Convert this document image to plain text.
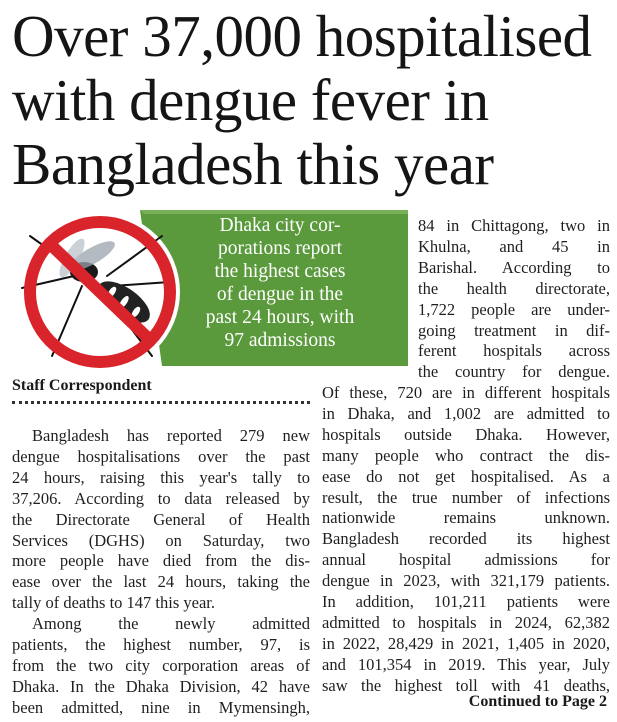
Over 37,000 hospitalised
with dengue fever in
Bangladesh this year
Dhaka city cor-
porations report
the highest cases
of dengue in the
past 24 hours, with
97 admissions
Staff Correspondent
Bangladesh has reported 279 new
dengue hospitalisations over the past
24 hours, raising this year's tally to
37,206. According to data released by
the Directorate General of Health
Services (DGHS) on Saturday, two
more people have died from the dis-
ease over the last 24 hours, taking the
tally of deaths to 147 this year.
Among the newly admitted
patients, the highest number, 97, is
from the two city corporation areas of
Dhaka. In the Dhaka Division, 42 have
been admitted, nine in Mymensingh,
84 in Chittagong, two in
Khulna, and 45 in
Barishal. According to
the health directorate,
1,722 people are under-
going treatment in dif-
ferent hospitals across
the country for dengue.
Of these, 720 are in different hospitals
in Dhaka, and 1,002 are admitted to
hospitals outside Dhaka. However,
many people who contract the dis-
ease do not get hospitalised. As a
result, the true number of infections
nationwide remains unknown.
Bangladesh recorded its highest
annual hospital admissions for
dengue in 2023, with 321,179 patients.
In addition, 101,211 patients were
admitted to hospitals in 2024, 62,382
in 2022, 28,429 in 2021, 1,405 in 2020,
and 101,354 in 2019. This year, July
saw the highest toll with 41 deaths,
Continued to Page 2
